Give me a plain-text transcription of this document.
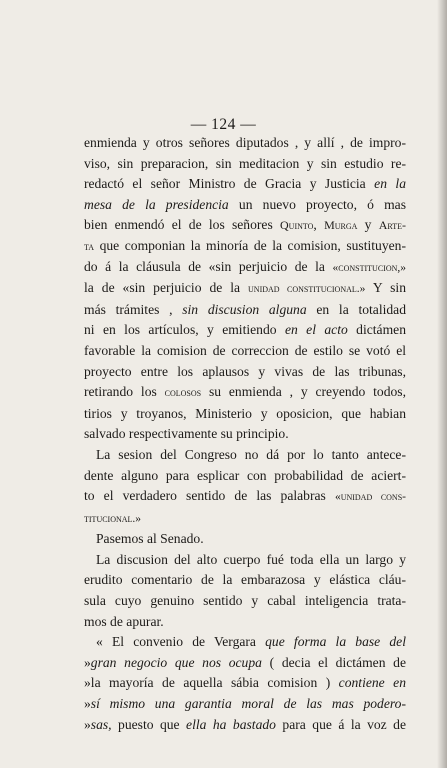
— 124 —
enmienda y otros señores diputados , y allí , de impro-
viso, sin preparacion, sin meditacion y sin estudio re-
redactó el señor Ministro de Gracia y Justicia en la
mesa de la presidencia un nuevo proyecto, ó mas
bien enmendó el de los señores Quinto, Murga y Arte-
ta que componian la minoría de la comision, sustituyen-
do á la cláusula de «sin perjuicio de la «constitucion,»
la de «sin perjuicio de la unidad constitucional.» Y sin
más trámites , sin discusion alguna en la totalidad
ni en los artículos, y emitiendo en el acto dictámen
favorable la comision de correccion de estilo se votó el
proyecto entre los aplausos y vivas de las tribunas,
retirando los colosos su enmienda , y creyendo todos,
tirios y troyanos, Ministerio y oposicion, que habian
salvado respectivamente su principio.
La sesion del Congreso no dá por lo tanto antece-
dente alguno para esplicar con probabilidad de aciert-
to el verdadero sentido de las palabras «unidad cons-
titucional.»
Pasemos al Senado.
La discusion del alto cuerpo fué toda ella un largo y
erudito comentario de la embarazosa y elástica cláu-
sula cuyo genuino sentido y cabal inteligencia trata-
mos de apurar.
« El convenio de Vergara que forma la base del
»gran negocio que nos ocupa ( decia el dictámen de
»la mayoría de aquella sábia comision ) contiene en
»sí mismo una garantia moral de las mas podero-
»sas, puesto que ella ha bastado para que á la voz de
